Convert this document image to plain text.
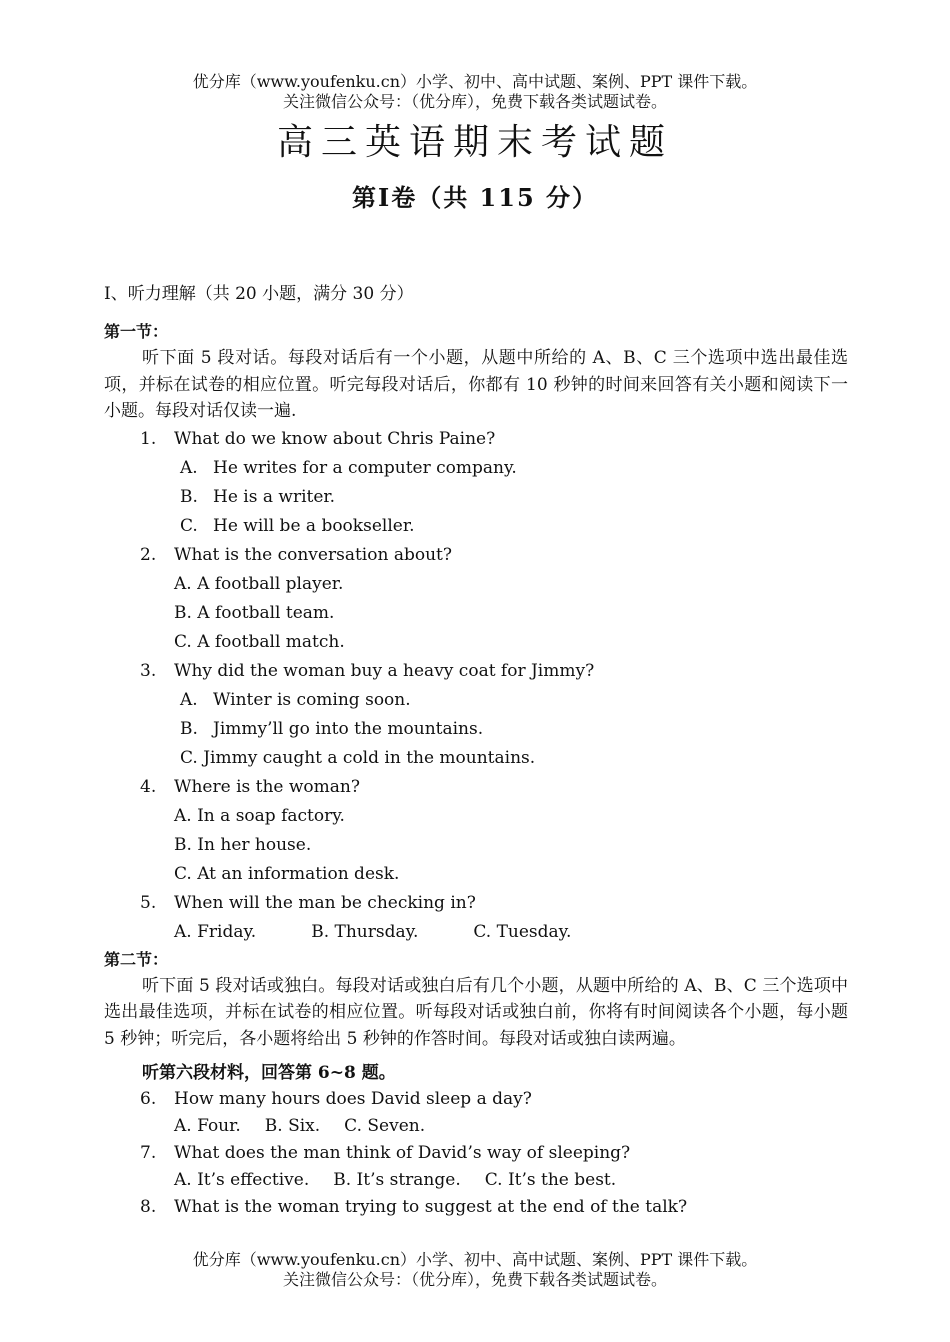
优分库（www.youfenku.cn）小学、初中、高中试题、案例、PPT 课件下载。
关注微信公众号：（优分库），免费下载各类试题试卷。
高三英语期末考试题
第Ⅰ卷（共 115 分）
I、听力理解（共 20 小题，满分 30 分）
第一节：
听下面 5 段对话。每段对话后有一个小题，从题中所给的 A、B、C 三个选项中选出最佳选项，并标在试卷的相应位置。听完每段对话后，你都有 10 秒钟的时间来回答有关小题和阅读下一小题。每段对话仅读一遍.
1.	What do we know about Chris Paine?
A. He writes for a computer company.
B. He is a writer.
C. He will be a bookseller.
2.	What is the conversation about?
A. A football player.
B. A football team.
C. A football match.
3.	Why did the woman buy a heavy coat for Jimmy?
A. Winter is coming soon.
B. Jimmy’ll go into the mountains.
C. Jimmy caught a cold in the mountains.
4.	Where is the woman?
A. In a soap factory.
B. In her house.
C. At an information desk.
5.	When will the man be checking in?
A. Friday.	B. Thursday.	C. Tuesday.
第二节：
听下面 5 段对话或独白。每段对话或独白后有几个小题，从题中所给的 A、B、C 三个选项中选出最佳选项，并标在试卷的相应位置。听每段对话或独白前，你将有时间阅读各个小题，每小题 5 秒钟；听完后，各小题将给出 5 秒钟的作答时间。每段对话或独白读两遍。
听第六段材料，回答第 6~8 题。
6.	How many hours does David sleep a day?
A. Four. B. Six. C. Seven.
7.	What does the man think of David’s way of sleeping?
A. It’s effective. B. It’s strange. C. It’s the best.
8.	What is the woman trying to suggest at the end of the talk?
优分库（www.youfenku.cn）小学、初中、高中试题、案例、PPT 课件下载。
关注微信公众号：（优分库），免费下载各类试题试卷。
